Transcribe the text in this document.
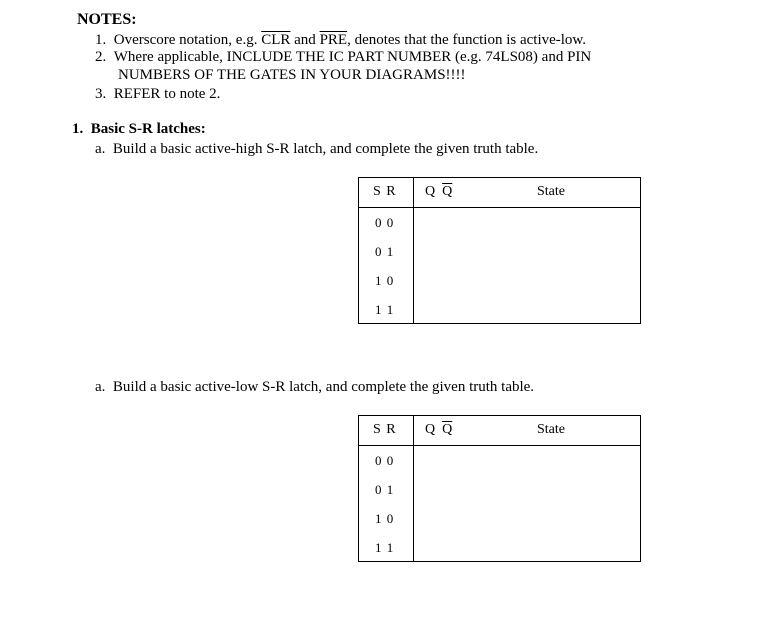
NOTES:
1. Overscore notation, e.g. $\overline{CLR}$ and $\overline{PRE}$, denotes that the function is active-low.
2. Where applicable, INCLUDE THE IC PART NUMBER (e.g. 74LS08) and PIN
NUMBERS OF THE GATES IN YOUR DIAGRAMS!!!!
3. REFER to note 2.
1. Basic S-R latches:
a. Build a basic active-high S-R latch, and complete the given truth table.
S R Q $\overline{Q}$	State
0 0
0 1
1 0
1 1
a. Build a basic active-low S-R latch, and complete the given truth table.
S R Q $\overline{Q}$	State
0 0
0 1
1 0
1 1
